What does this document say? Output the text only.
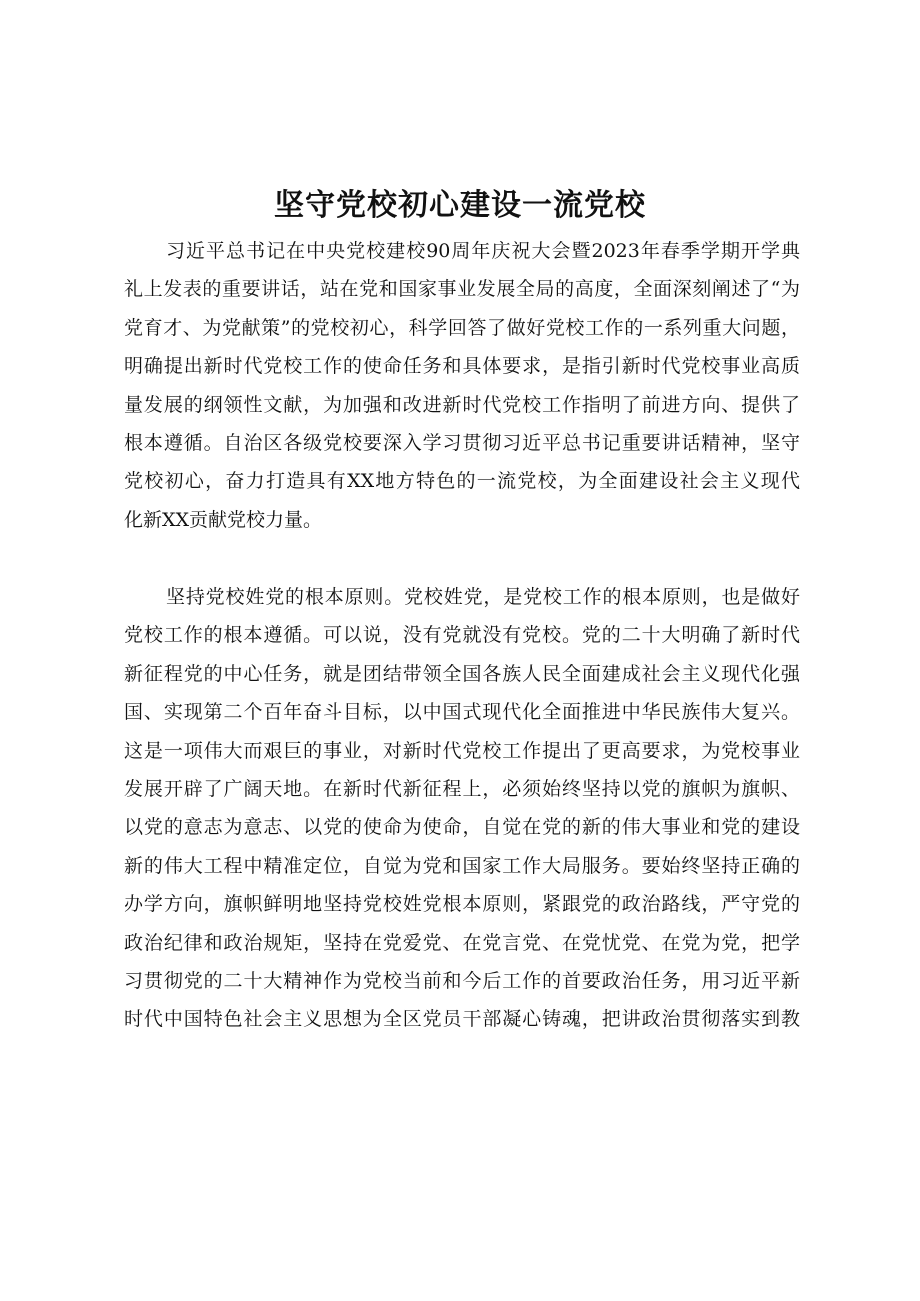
坚守党校初心建设一流党校
习近平总书记在中央党校建校90周年庆祝大会暨2023年春季学期开学典
礼上发表的重要讲话，站在党和国家事业发展全局的高度，全面深刻阐述了“为
党育才、为党献策”的党校初心，科学回答了做好党校工作的一系列重大问题，
明确提出新时代党校工作的使命任务和具体要求，是指引新时代党校事业高质
量发展的纲领性文献，为加强和改进新时代党校工作指明了前进方向、提供了
根本遵循。自治区各级党校要深入学习贯彻习近平总书记重要讲话精神，坚守
党校初心，奋力打造具有XX地方特色的一流党校，为全面建设社会主义现代
化新XX贡献党校力量。
坚持党校姓党的根本原则。党校姓党，是党校工作的根本原则，也是做好
党校工作的根本遵循。可以说，没有党就没有党校。党的二十大明确了新时代
新征程党的中心任务，就是团结带领全国各族人民全面建成社会主义现代化强
国、实现第二个百年奋斗目标，以中国式现代化全面推进中华民族伟大复兴。
这是一项伟大而艰巨的事业，对新时代党校工作提出了更高要求，为党校事业
发展开辟了广阔天地。在新时代新征程上，必须始终坚持以党的旗帜为旗帜、
以党的意志为意志、以党的使命为使命，自觉在党的新的伟大事业和党的建设
新的伟大工程中精准定位，自觉为党和国家工作大局服务。要始终坚持正确的
办学方向，旗帜鲜明地坚持党校姓党根本原则，紧跟党的政治路线，严守党的
政治纪律和政治规矩，坚持在党爱党、在党言党、在党忧党、在党为党，把学
习贯彻党的二十大精神作为党校当前和今后工作的首要政治任务，用习近平新
时代中国特色社会主义思想为全区党员干部凝心铸魂，把讲政治贯彻落实到教
